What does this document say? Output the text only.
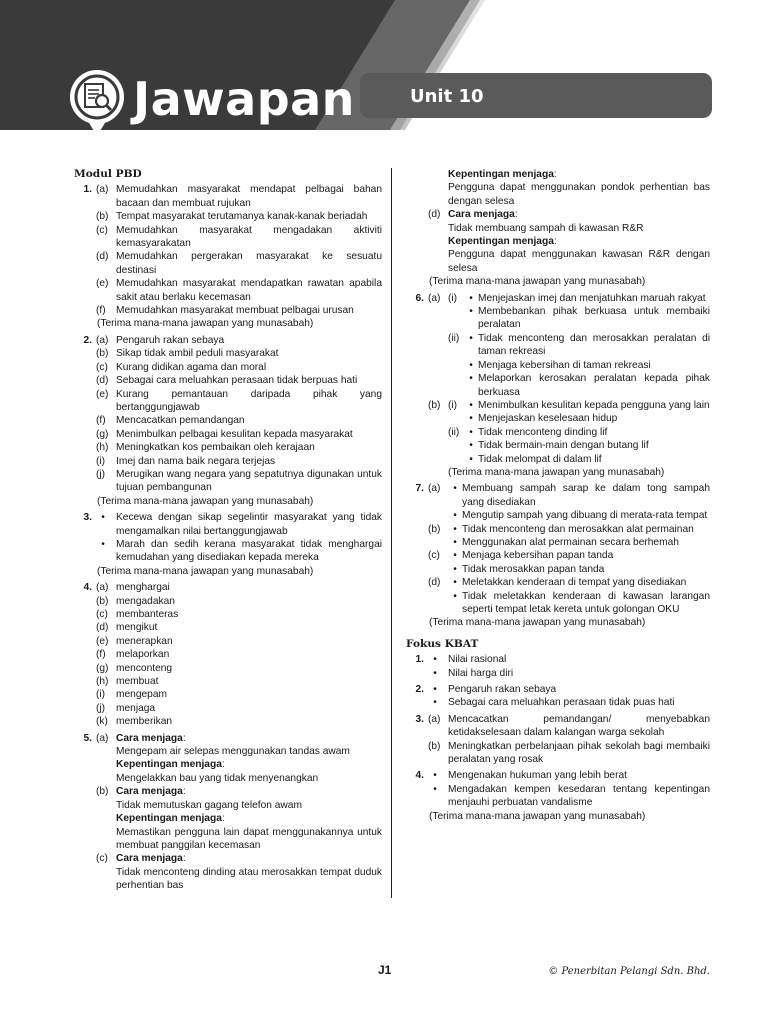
Jawapan	Unit 10
Modul PBD
1. (a) Memudahkan masyarakat mendapat pelbagai bahan bacaan dan membuat rujukan
(b) Tempat masyarakat terutamanya kanak-kanak beriadah
(c) Memudahkan masyarakat mengadakan aktiviti kemasyarakatan
(d) Memudahkan pergerakan masyarakat ke sesuatu destinasi
(e) Memudahkan masyarakat mendapatkan rawatan apabila sakit atau berlaku kecemasan
(f)	Memudahkan masyarakat membuat pelbagai urusan
(Terima mana-mana jawapan yang munasabah)
2. (a) Pengaruh rakan sebaya
(b) Sikap tidak ambil peduli masyarakat
(c) Kurang didikan agama dan moral
(d) Sebagai cara meluahkan perasaan tidak berpuas hati
(e) Kurang pemantauan daripada pihak yang bertanggungjawab
(f)	Mencacatkan pemandangan
(g) Menimbulkan pelbagai kesulitan kepada masyarakat
(h) Meningkatkan kos pembaikan oleh kerajaan
(i)	Imej dan nama baik negara terjejas
(j)	Merugikan wang negara yang sepatutnya digunakan untuk tujuan pembangunan
(Terima mana-mana jawapan yang munasabah)
3. •	Kecewa dengan sikap segelintir masyarakat yang tidak mengamalkan nilai bertanggungjawab
•	Marah dan sedih kerana masyarakat tidak menghargai kemudahan yang disediakan kepada mereka
(Terima mana-mana jawapan yang munasabah)
4. (a) menghargai
(b) mengadakan
(c) membanteras
(d) mengikut
(e) menerapkan
(f)	melaporkan
(g) menconteng
(h) membuat
(i)	mengepam
(j)	menjaga
(k) memberikan
5. (a) Cara menjaga:
Mengepam air selepas menggunakan tandas awam
Kepentingan menjaga:
Mengelakkan bau yang tidak menyenangkan
(b) Cara menjaga:
Tidak memutuskan gagang telefon awam
Kepentingan menjaga:
Memastikan pengguna lain dapat menggunakannya untuk membuat panggilan kecemasan
(c) Cara menjaga:
Tidak menconteng dinding atau merosakkan tempat duduk perhentian bas
Kepentingan menjaga:
Pengguna dapat menggunakan pondok perhentian bas dengan selesa
(d) Cara menjaga:
Tidak membuang sampah di kawasan R&R
Kepentingan menjaga:
Pengguna dapat menggunakan kawasan R&R dengan selesa
(Terima mana-mana jawapan yang munasabah)
6. (a) (i)	• Menjejaskan imej dan menjatuhkan maruah rakyat
• Membebankan pihak berkuasa untuk membaiki peralatan
(ii) • Tidak menconteng dan merosakkan peralatan di taman rekreasi
• Menjaga kebersihan di taman rekreasi
• Melaporkan kerosakan peralatan kepada pihak berkuasa
(b) (i)	• Menimbulkan kesulitan kepada pengguna yang lain
• Menjejaskan keselesaan hidup
(ii) • Tidak menconteng dinding lif
• Tidak bermain-main dengan butang lif
• Tidak melompat di dalam lif
(Terima mana-mana jawapan yang munasabah)
7. (a)	• Membuang sampah sarap ke dalam tong sampah yang disediakan
• Mengutip sampah yang dibuang di merata-rata tempat
(b)	• Tidak menconteng dan merosakkan alat permainan
• Menggunakan alat permainan secara berhemah
(c)	• Menjaga kebersihan papan tanda
• Tidak merosakkan papan tanda
(d)	• Meletakkan kenderaan di tempat yang disediakan
• Tidak meletakkan kenderaan di kawasan larangan seperti tempat letak kereta untuk golongan OKU
(Terima mana-mana jawapan yang munasabah)
Fokus KBAT
1. •	Nilai rasional
•	Nilai harga diri
2. •	Pengaruh rakan sebaya
•	Sebagai cara meluahkan perasaan tidak puas hati
3. (a) Mencacatkan pemandangan/ menyebabkan ketidakselesaan dalam kalangan warga sekolah
(b) Meningkatkan perbelanjaan pihak sekolah bagi membaiki peralatan yang rosak
4. •	Mengenakan hukuman yang lebih berat
•	Mengadakan kempen kesedaran tentang kepentingan menjauhi perbuatan vandalisme
(Terima mana-mana jawapan yang munasabah)
J1	© Penerbitan Pelangi Sdn. Bhd.
